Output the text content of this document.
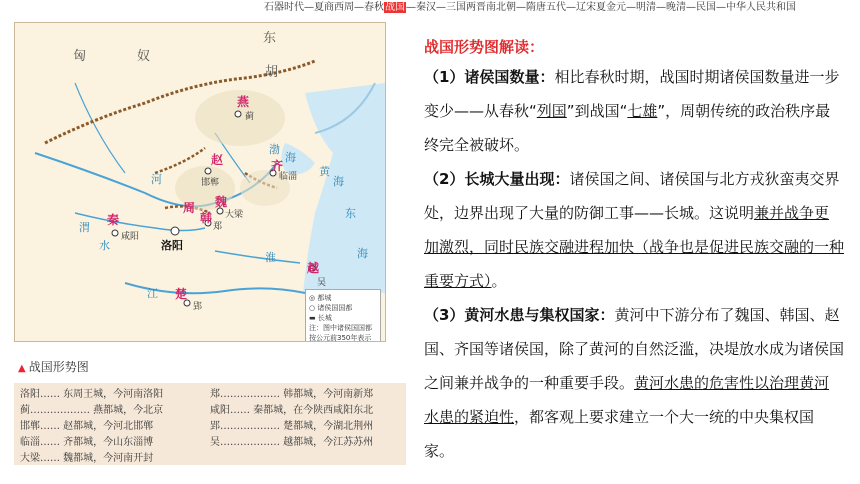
石器时代—夏商西周—春秋战国—秦汉—三国两晋南北朝—隋唐五代—辽宋夏金元—明清—晚清—民国—中华人民共和国
匈	奴
东
胡
燕
赵	齐
魏
韩
秦
周
楚
越
蓟
邯郸
临淄
大梁
郑
咸阳
洛阳
郢
吴
渤
海
黄
海
东
海
河
渭
水
江
淮
◎ 都城
○ 诸侯国国都
▬ 长城
注：图中诸侯国国都
按公元前350年表示
▲ 战国形势图
洛阳…… 东周王城，今河南洛阳
蓟……………… 燕都城，今北京
邯郸…… 赵都城，今河北邯郸
临淄…… 齐都城，今山东淄博
大梁…… 魏都城，今河南开封
郑……………… 韩都城，今河南新郑
咸阳…… 秦都城，在今陕西咸阳东北
郢……………… 楚都城，今湖北荆州
吴……………… 越都城，今江苏苏州
战国形势图解读：
（1）诸侯国数量：相比春秋时期，战国时期诸侯国数量进一步变少——从春秋“列国”到战国“七雄”，周朝传统的政治秩序最终完全被破坏。
（2）长城大量出现：诸侯国之间、诸侯国与北方戎狄蛮夷交界处，边界出现了大量的防御工事——长城。这说明兼并战争更加激烈，同时民族交融进程加快（战争也是促进民族交融的一种重要方式）。
（3）黄河水患与集权国家：黄河中下游分布了魏国、韩国、赵国、齐国等诸侯国，除了黄河的自然泛滥，决堤放水成为诸侯国之间兼并战争的一种重要手段。黄河水患的危害性以治理黄河水患的紧迫性，都客观上要求建立一个大一统的中央集权国家。
